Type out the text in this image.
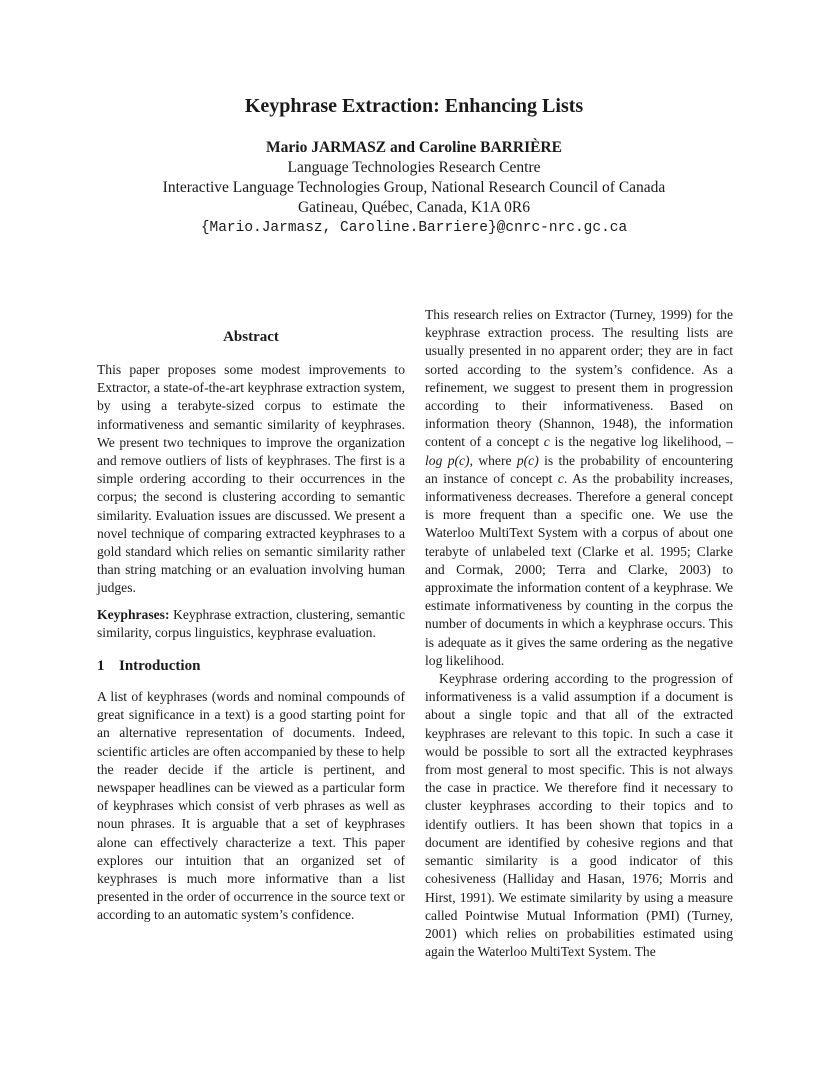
Keyphrase Extraction: Enhancing Lists

Mario JARMASZ and Caroline BARRIÈRE

Language Technologies Research Centre

Interactive Language Technologies Group, National Research Council of Canada

Gatineau, Québec, Canada, K1A 0R6

{Mario.Jarmasz, Caroline.Barriere}@cnrc-nrc.gc.ca

Abstract

This paper proposes some modest improvements to Extractor, a state-of-the-art keyphrase extraction system, by using a terabyte-sized corpus to estimate the informativeness and semantic similarity of keyphrases. We present two techniques to improve the organization and remove outliers of lists of keyphrases. The first is a simple ordering according to their occurrences in the corpus; the second is clustering according to semantic similarity. Evaluation issues are discussed. We present a novel technique of comparing extracted keyphrases to a gold standard which relies on semantic similarity rather than string matching or an evaluation involving human judges.

Keyphrases: Keyphrase extraction, clustering, semantic similarity, corpus linguistics, keyphrase evaluation.

1 Introduction

A list of keyphrases (words and nominal compounds of great significance in a text) is a good starting point for an alternative representation of documents. Indeed, scientific articles are often accompanied by these to help the reader decide if the article is pertinent, and newspaper headlines can be viewed as a particular form of keyphrases which consist of verb phrases as well as noun phrases. It is arguable that a set of keyphrases alone can effectively characterize a text. This paper explores our intuition that an organized set of keyphrases is much more informative than a list presented in the order of occurrence in the source text or according to an automatic system’s confidence.

This research relies on Extractor (Turney, 1999) for the keyphrase extraction process. The resulting lists are usually presented in no apparent order; they are in fact sorted according to the system’s confidence. As a refinement, we suggest to present them in progression according to their informativeness. Based on information theory (Shannon, 1948), the information content of a concept c is the negative log likelihood, – log p(c), where p(c) is the probability of encountering an instance of concept c. As the probability increases, informativeness decreases. Therefore a general concept is more frequent than a specific one. We use the Waterloo MultiText System with a corpus of about one terabyte of unlabeled text (Clarke et al. 1995; Clarke and Cormak, 2000; Terra and Clarke, 2003) to approximate the information content of a keyphrase. We estimate informativeness by counting in the corpus the number of documents in which a keyphrase occurs. This is adequate as it gives the same ordering as the negative log likelihood.

Keyphrase ordering according to the progression of informativeness is a valid assumption if a document is about a single topic and that all of the extracted keyphrases are relevant to this topic. In such a case it would be possible to sort all the extracted keyphrases from most general to most specific. This is not always the case in practice. We therefore find it necessary to cluster keyphrases according to their topics and to identify outliers. It has been shown that topics in a document are identified by cohesive regions and that semantic similarity is a good indicator of this cohesiveness (Halliday and Hasan, 1976; Morris and Hirst, 1991). We estimate similarity by using a measure called Pointwise Mutual Information (PMI) (Turney, 2001) which relies on probabilities estimated using again the Waterloo MultiText System. The
